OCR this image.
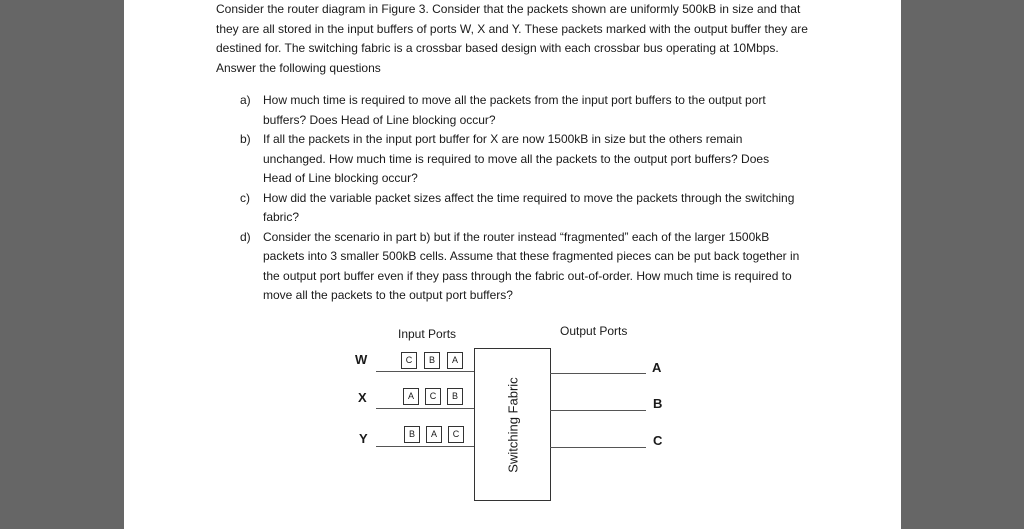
Consider the router diagram in Figure 3. Consider that the packets shown are uniformly 500kB in size and that they are all stored in the input buffers of ports W, X and Y. These packets marked with the output buffer they are destined for. The switching fabric is a crossbar based design with each crossbar bus operating at 10Mbps. Answer the following questions

a) How much time is required to move all the packets from the input port buffers to the output port buffers? Does Head of Line blocking occur?
b) If all the packets in the input port buffer for X are now 1500kB in size but the others remain unchanged. How much time is required to move all the packets to the output port buffers? Does Head of Line blocking occur?
c) How did the variable packet sizes affect the time required to move the packets through the switching fabric?
d) Consider the scenario in part b) but if the router instead “fragmented” each of the larger 1500kB packets into 3 smaller 500kB cells. Assume that these fragmented pieces can be put back together in the output port buffer even if they pass through the fabric out-of-order. How much time is required to move all the packets to the output port buffers?
Input Ports	Output Ports
W	C	B	A
X	A	C	B
Y	B	A	C	Switching Fabric
A
B
C
